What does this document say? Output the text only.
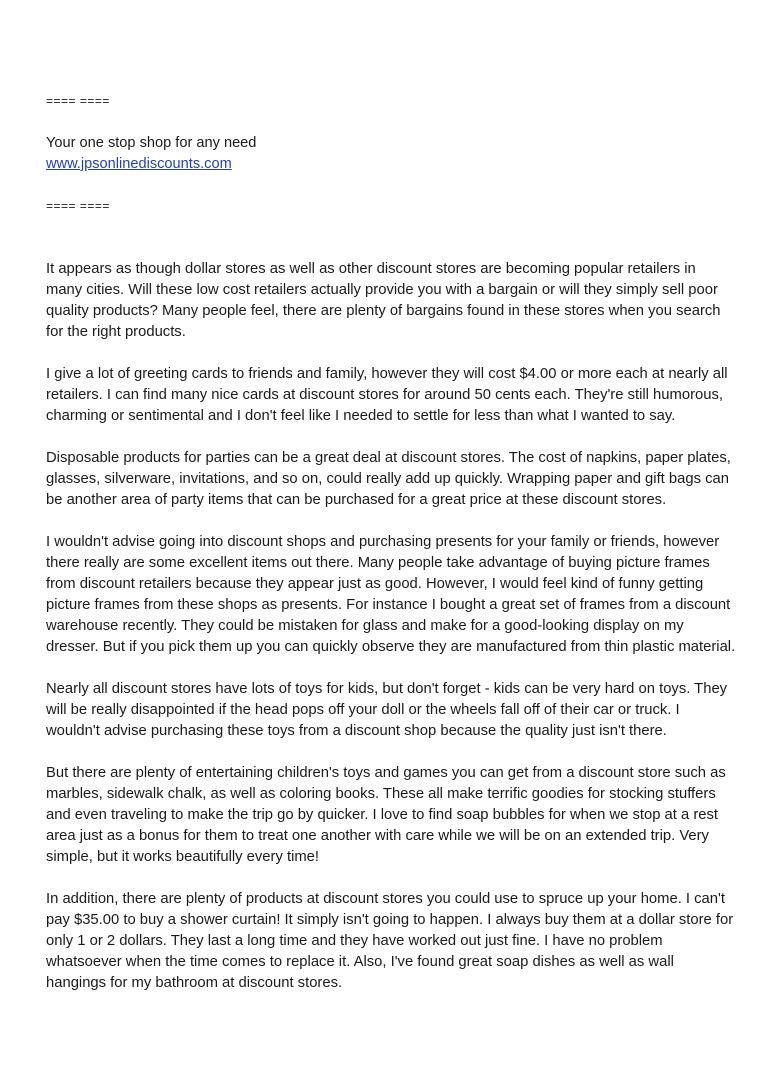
==== ====
Your one stop shop for any need
www.jpsonlinediscounts.com
==== ====

It appears as though dollar stores as well as other discount stores are becoming popular retailers in many cities. Will these low cost retailers actually provide you with a bargain or will they simply sell poor quality products? Many people feel, there are plenty of bargains found in these stores when you search for the right products.

I give a lot of greeting cards to friends and family, however they will cost $4.00 or more each at nearly all retailers. I can find many nice cards at discount stores for around 50 cents each. They're still humorous, charming or sentimental and I don't feel like I needed to settle for less than what I wanted to say.

Disposable products for parties can be a great deal at discount stores. The cost of napkins, paper plates, glasses, silverware, invitations, and so on, could really add up quickly. Wrapping paper and gift bags can be another area of party items that can be purchased for a great price at these discount stores.

I wouldn't advise going into discount shops and purchasing presents for your family or friends, however there really are some excellent items out there. Many people take advantage of buying picture frames from discount retailers because they appear just as good. However, I would feel kind of funny getting picture frames from these shops as presents. For instance I bought a great set of frames from a discount warehouse recently. They could be mistaken for glass and make for a good-looking display on my dresser. But if you pick them up you can quickly observe they are manufactured from thin plastic material.

Nearly all discount stores have lots of toys for kids, but don't forget - kids can be very hard on toys. They will be really disappointed if the head pops off your doll or the wheels fall off of their car or truck. I wouldn't advise purchasing these toys from a discount shop because the quality just isn't there.

But there are plenty of entertaining children's toys and games you can get from a discount store such as marbles, sidewalk chalk, as well as coloring books. These all make terrific goodies for stocking stuffers and even traveling to make the trip go by quicker. I love to find soap bubbles for when we stop at a rest area just as a bonus for them to treat one another with care while we will be on an extended trip. Very simple, but it works beautifully every time!

In addition, there are plenty of products at discount stores you could use to spruce up your home. I can't pay $35.00 to buy a shower curtain! It simply isn't going to happen. I always buy them at a dollar store for only 1 or 2 dollars. They last a long time and they have worked out just fine. I have no problem whatsoever when the time comes to replace it. Also, I've found great soap dishes as well as wall hangings for my bathroom at discount stores.
